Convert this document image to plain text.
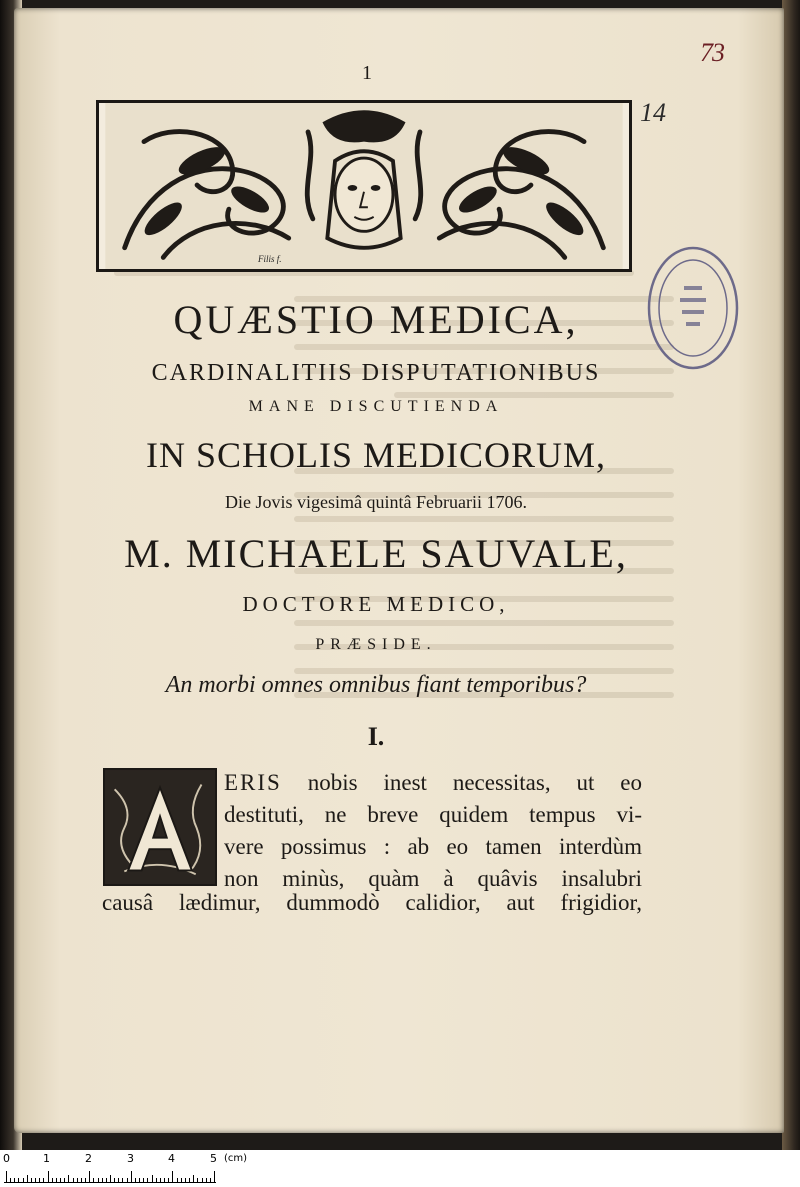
1
73
14
Filis f.
QUÆSTIO MEDICA,
CARDINALITIIS DISPUTATIONIBUS
MANE DISCUTIENDA
IN SCHOLIS MEDICORUM,
Die Jovis vigesimâ quintâ Februarii 1706.
M. MICHAELE SAUVALE,
DOCTORE MEDICO,
PRÆSIDE.
An morbi omnes omnibus fiant temporibus?
I.
ERIS nobis inest necessitas, ut eo
destituti, ne breve quidem tempus vi-
vere possimus : ab eo tamen interdùm
non minùs, quàm à quâvis insalubri
causâ lædimur, dummodò calidior, aut frigidior,
0	1	2	3	4	5 (cm)
